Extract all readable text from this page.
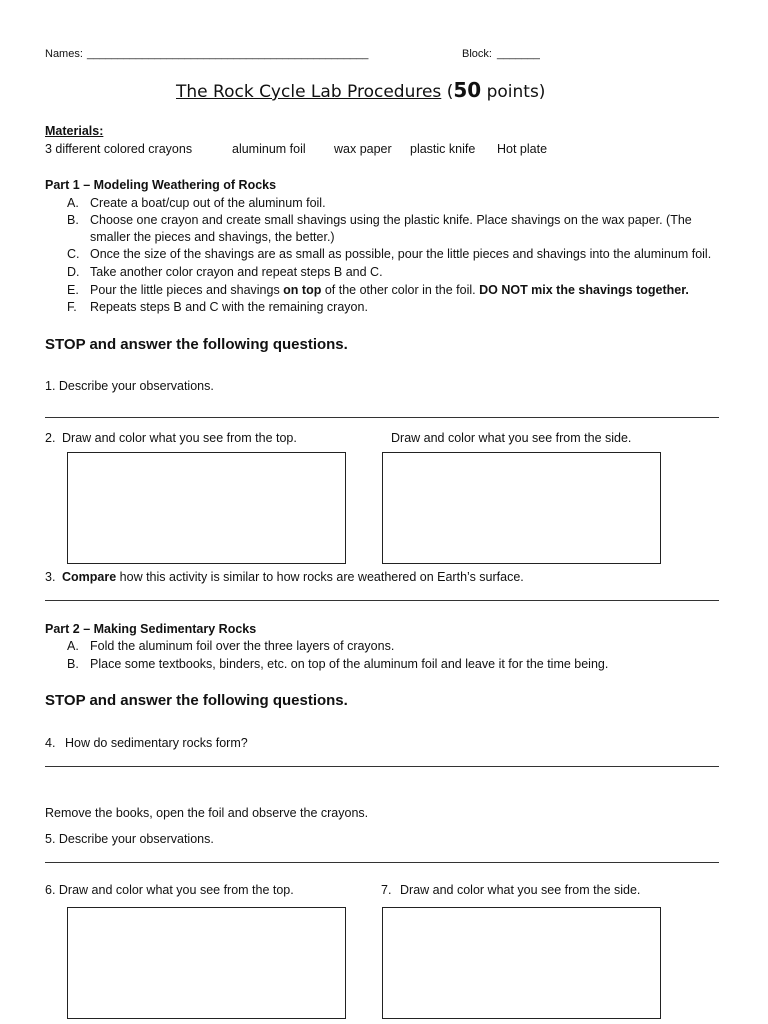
Names: ______________________________________________	Block: _______
The Rock Cycle Lab Procedures (50 points)
Materials:
3 different colored crayons	aluminum foil wax paper plastic knife Hot plate
Part 1 – Modeling Weathering of Rocks
A. Create a boat/cup out of the aluminum foil.
B. Choose one crayon and create small shavings using the plastic knife. Place shavings on the wax paper. (The
smaller the pieces and shavings, the better.)
C. Once the size of the shavings are as small as possible, pour the little pieces and shavings into the aluminum foil.
D. Take another color crayon and repeat steps B and C.
E. Pour the little pieces and shavings on top of the other color in the foil. DO NOT mix the shavings together.
F. Repeats steps B and C with the remaining crayon.
STOP and answer the following questions.
1. Describe your observations.
2. Draw and color what you see from the top.	Draw and color what you see from the side.
3. Compare how this activity is similar to how rocks are weathered on Earth’s surface.
Part 2 – Making Sedimentary Rocks
A. Fold the aluminum foil over the three layers of crayons.
B. Place some textbooks, binders, etc. on top of the aluminum foil and leave it for the time being.
STOP and answer the following questions.
4. How do sedimentary rocks form?
Remove the books, open the foil and observe the crayons.
5. Describe your observations.
6. Draw and color what you see from the top.	7. Draw and color what you see from the side.
